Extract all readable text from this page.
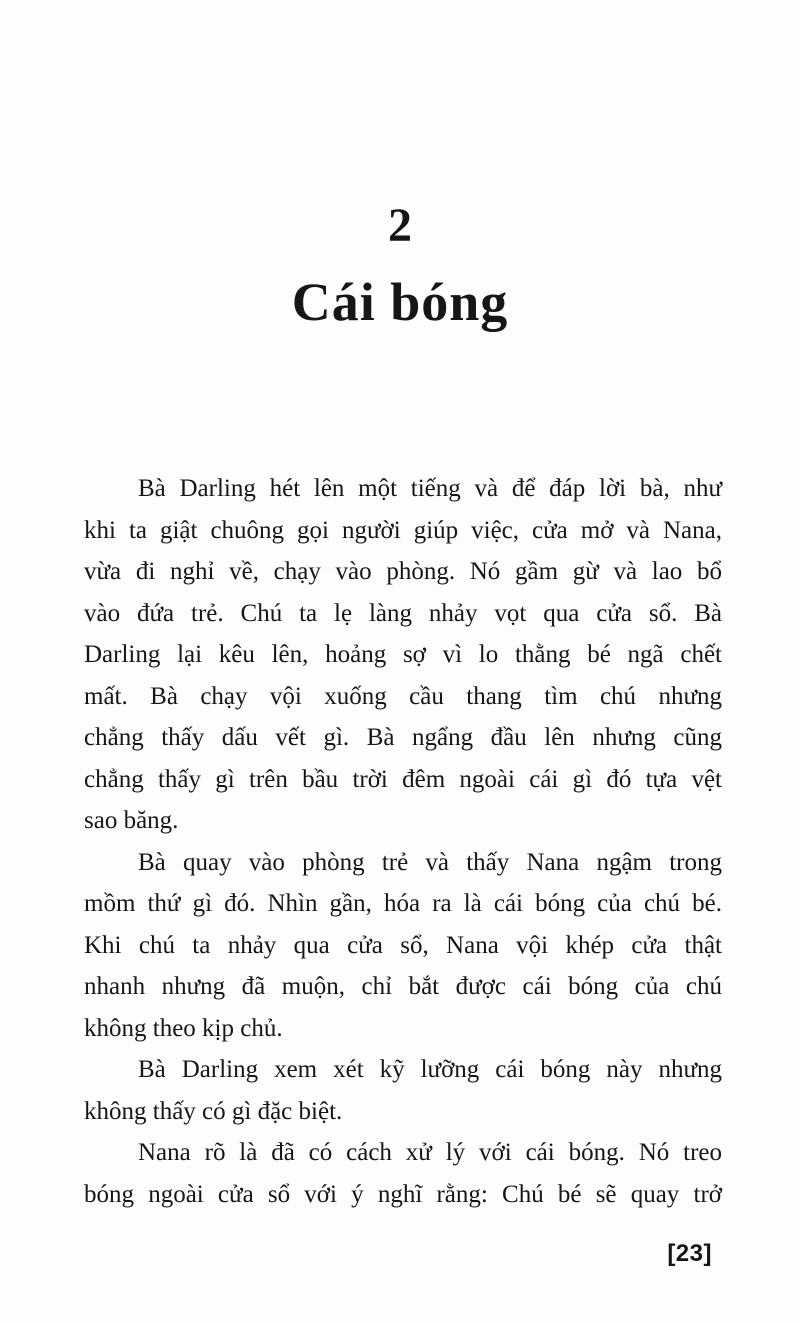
2
Cái bóng
Bà Darling hét lên một tiếng và để đáp lời bà, như
khi ta giật chuông gọi người giúp việc, cửa mở và Nana,
vừa đi nghỉ về, chạy vào phòng. Nó gầm gừ và lao bổ
vào đứa trẻ. Chú ta lẹ làng nhảy vọt qua cửa sổ. Bà
Darling lại kêu lên, hoảng sợ vì lo thằng bé ngã chết
mất. Bà chạy vội xuống cầu thang tìm chú nhưng
chẳng thấy dấu vết gì. Bà ngẩng đầu lên nhưng cũng
chẳng thấy gì trên bầu trời đêm ngoài cái gì đó tựa vệt
sao băng.
Bà quay vào phòng trẻ và thấy Nana ngậm trong
mồm thứ gì đó. Nhìn gần, hóa ra là cái bóng của chú bé.
Khi chú ta nhảy qua cửa sổ, Nana vội khép cửa thật
nhanh nhưng đã muộn, chỉ bắt được cái bóng của chú
không theo kịp chủ.
Bà Darling xem xét kỹ lưỡng cái bóng này nhưng
không thấy có gì đặc biệt.
Nana rõ là đã có cách xử lý với cái bóng. Nó treo
bóng ngoài cửa sổ với ý nghĩ rằng: Chú bé sẽ quay trở
[23]
